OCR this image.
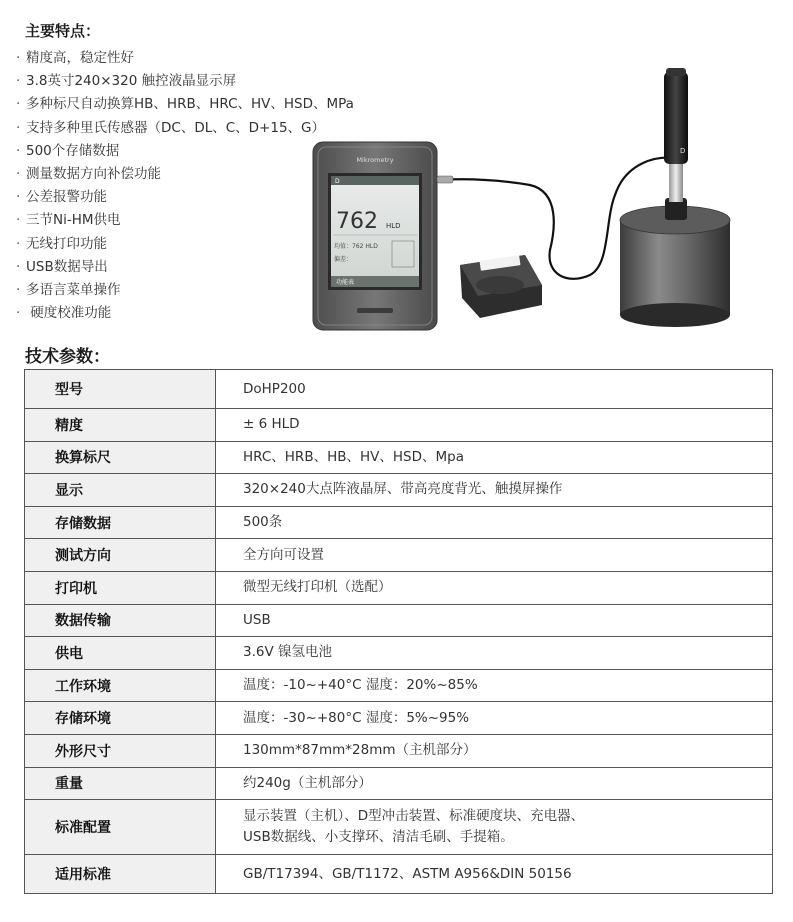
主要特点：
· 精度高，稳定性好
· 3.8英寸240×320 触控液晶显示屏
· 多种标尺自动换算HB、HRB、HRC、HV、HSD、MPa
· 支持多种里氏传感器（DC、DL、C、D+15、G）
· 500个存储数据
· 测量数据方向补偿功能
· 公差报警功能
· 三节Ni-HM供电
· 无线打印功能
· USB数据导出
· 多语言菜单操作
· 硬度校准功能
Mikrometry
D
762 HLD
均值：762 HLD
偏差：
功能表
D
技术参数：
型号	DoHP200
精度	± 6 HLD
换算标尺	HRC、HRB、HB、HV、HSD、Mpa
显示	320×240大点阵液晶屏、带高亮度背光、触摸屏操作
存储数据	500条
测试方向	全方向可设置
打印机	微型无线打印机（选配）
数据传输	USB
供电	3.6V 镍氢电池
工作环境	温度：-10~+40°C 湿度：20%~85%
存储环境	温度：-30~+80°C 湿度：5%~95%
外形尺寸	130mm*87mm*28mm（主机部分）
重量	约240g（主机部分）
标准配置	显示装置（主机）、D型冲击装置、标准硬度块、充电器、
USB数据线、小支撑环、清洁毛刷、手提箱。

适用标准	GB/T17394、GB/T1172、ASTM A956&DIN 50156
